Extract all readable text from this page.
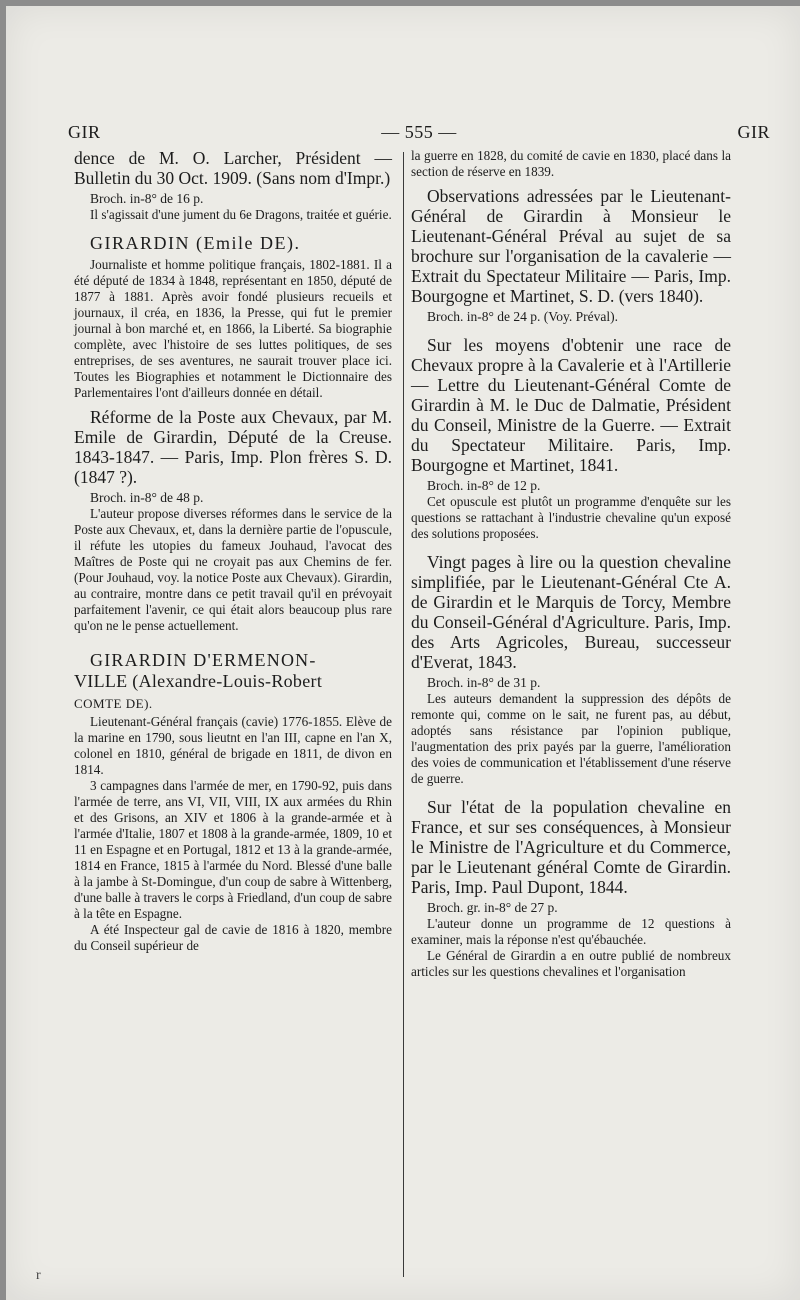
GIR	— 555 —	GIR

dence de M. O. Larcher, Président — Bulletin du 30 Oct. 1909. (Sans nom d'Impr.)

Broch. in-8° de 16 p.

Il s'agissait d'une jument du 6e Dragons, traitée et guérie.

GIRARDIN (Emile DE).

Journaliste et homme politique français, 1802-1881. Il a été député de 1834 à 1848, représentant en 1850, député de 1877 à 1881. Après avoir fondé plusieurs recueils et journaux, il créa, en 1836, la Presse, qui fut le premier journal à bon marché et, en 1866, la Liberté. Sa biographie complète, avec l'histoire de ses luttes politiques, de ses entreprises, de ses aventures, ne saurait trouver place ici. Toutes les Biographies et notamment le Dictionnaire des Parlementaires l'ont d'ailleurs donnée en détail.

Réforme de la Poste aux Chevaux, par M. Emile de Girardin, Député de la Creuse. 1843-1847. — Paris, Imp. Plon frères S. D. (1847 ?).

Broch. in-8° de 48 p.

L'auteur propose diverses réformes dans le service de la Poste aux Chevaux, et, dans la dernière partie de l'opuscule, il réfute les utopies du fameux Jouhaud, l'avocat des Maîtres de Poste qui ne croyait pas aux Chemins de fer. (Pour Jouhaud, voy. la notice Poste aux Chevaux). Girardin, au contraire, montre dans ce petit travail qu'il en prévoyait parfaitement l'avenir, ce qui était alors beaucoup plus rare qu'on ne le pense actuellement.

GIRARDIN D'ERMENON-
VILLE (Alexandre-Louis-Robert
COMTE DE).

Lieutenant-Général français (cavie) 1776-1855. Elève de la marine en 1790, sous lieutnt en l'an III, capne en l'an X, colonel en 1810, général de brigade en 1811, de divon en 1814.

3 campagnes dans l'armée de mer, en 1790-92, puis dans l'armée de terre, ans VI, VII, VIII, IX aux armées du Rhin et des Grisons, an XIV et 1806 à la grande-armée et à l'armée d'Italie, 1807 et 1808 à la grande-armée, 1809, 10 et 11 en Espagne et en Portugal, 1812 et 13 à la grande-armée, 1814 en France, 1815 à l'armée du Nord. Blessé d'une balle à la jambe à St-Domingue, d'un coup de sabre à Wittenberg, d'une balle à travers le corps à Friedland, d'un coup de sabre à la tête en Espagne.

A été Inspecteur gal de cavie de 1816 à 1820, membre du Conseil supérieur de

la guerre en 1828, du comité de cavie en 1830, placé dans la section de réserve en 1839.

Observations adressées par le Lieutenant-Général de Girardin à Monsieur le Lieutenant-Général Préval au sujet de sa brochure sur l'organisation de la cavalerie — Extrait du Spectateur Militaire — Paris, Imp. Bourgogne et Martinet, S. D. (vers 1840).

Broch. in-8° de 24 p. (Voy. Préval).

Sur les moyens d'obtenir une race de Chevaux propre à la Cavalerie et à l'Artillerie — Lettre du Lieutenant-Général Comte de Girardin à M. le Duc de Dalmatie, Président du Conseil, Ministre de la Guerre. — Extrait du Spectateur Militaire. Paris, Imp. Bourgogne et Martinet, 1841.

Broch. in-8° de 12 p.

Cet opuscule est plutôt un programme d'enquête sur les questions se rattachant à l'industrie chevaline qu'un exposé des solutions proposées.

Vingt pages à lire ou la question chevaline simplifiée, par le Lieutenant-Général Cte A. de Girardin et le Marquis de Torcy, Membre du Conseil-Général d'Agriculture. Paris, Imp. des Arts Agricoles, Bureau, successeur d'Everat, 1843.

Broch. in-8° de 31 p.

Les auteurs demandent la suppression des dépôts de remonte qui, comme on le sait, ne furent pas, au début, adoptés sans résistance par l'opinion publique, l'augmentation des prix payés par la guerre, l'amélioration des voies de communication et l'établissement d'une réserve de guerre.

Sur l'état de la population chevaline en France, et sur ses conséquences, à Monsieur le Ministre de l'Agriculture et du Commerce, par le Lieutenant général Comte de Girardin. Paris, Imp. Paul Dupont, 1844.

Broch. gr. in-8° de 27 p.

L'auteur donne un programme de 12 questions à examiner, mais la réponse n'est qu'ébauchée.

Le Général de Girardin a en outre publié de nombreux articles sur les questions chevalines et l'organisation

r
